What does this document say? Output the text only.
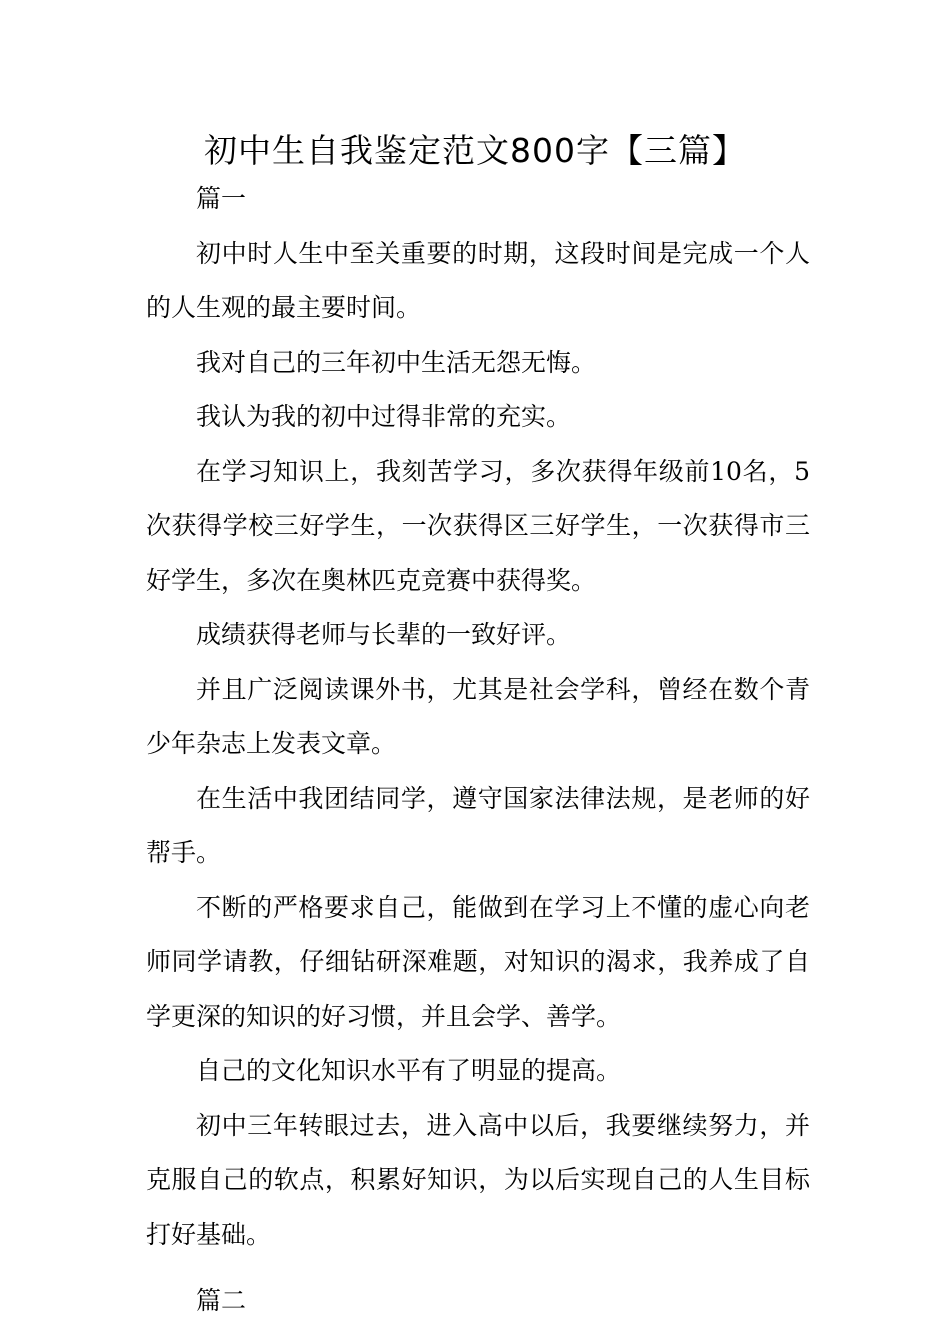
初中生自我鉴定范文800字【三篇】

篇一

初中时人生中至关重要的时期，这段时间是完成一个人的人生观的最主要时间。

我对自己的三年初中生活无怨无悔。

我认为我的初中过得非常的充实。

在学习知识上，我刻苦学习，多次获得年级前10名，5次获得学校三好学生，一次获得区三好学生，一次获得市三好学生，多次在奥林匹克竞赛中获得奖。

成绩获得老师与长辈的一致好评。

并且广泛阅读课外书，尤其是社会学科，曾经在数个青少年杂志上发表文章。

在生活中我团结同学，遵守国家法律法规，是老师的好帮手。

不断的严格要求自己，能做到在学习上不懂的虚心向老师同学请教，仔细钻研深难题，对知识的渴求，我养成了自学更深的知识的好习惯，并且会学、善学。

自己的文化知识水平有了明显的提高。

初中三年转眼过去，进入高中以后，我要继续努力，并克服自己的软点，积累好知识，为以后实现自己的人生目标打好基础。

篇二
